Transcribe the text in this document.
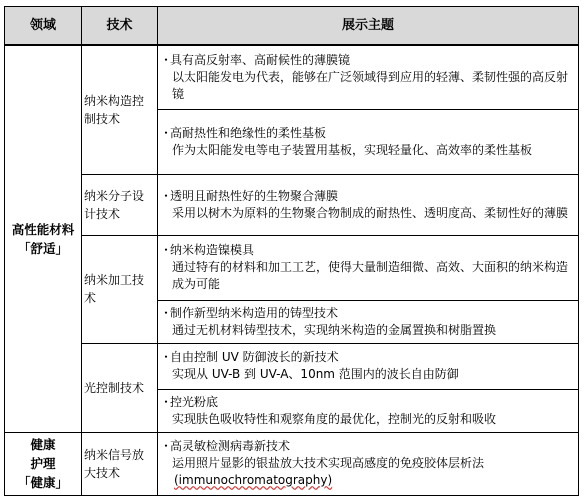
领域	技术	展示主题

高性能材料
「舒适」	纳米构造控制技术	・具有高反射率、高耐候性的薄膜镜
以太阳能发电为代表，能够在广泛领域得到应用的轻薄、柔韧性强的高反射镜

		・高耐热性和绝缘性的柔性基板
作为太阳能发电等电子装置用基板，实现轻量化、高效率的柔性基板

	纳米分子设计技术	・透明且耐热性好的生物聚合薄膜
采用以树木为原料的生物聚合物制成的耐热性、透明度高、柔韧性好的薄膜

	纳米加工技术	・纳米构造镍模具
通过特有的材料和加工工艺，使得大量制造细微、高效、大面积的纳米构造成为可能

		・制作新型纳米构造用的铸型技术
通过无机材料铸型技术，实现纳米构造的金属置换和树脂置换

	光控制技术	・自由控制 UV 防御波长的新技术
实现从 UV-B 到 UV-A、10nm 范围内的波长自由防御

		・控光粉底
实现肤色吸收特性和观察角度的最优化，控制光的反射和吸收

健康
护理
「健康」	纳米信号放大技术	・高灵敏检测病毒新技术
运用照片显影的银盐放大技术实现高感度的免疫胶体层析法
(immunochromatography)
